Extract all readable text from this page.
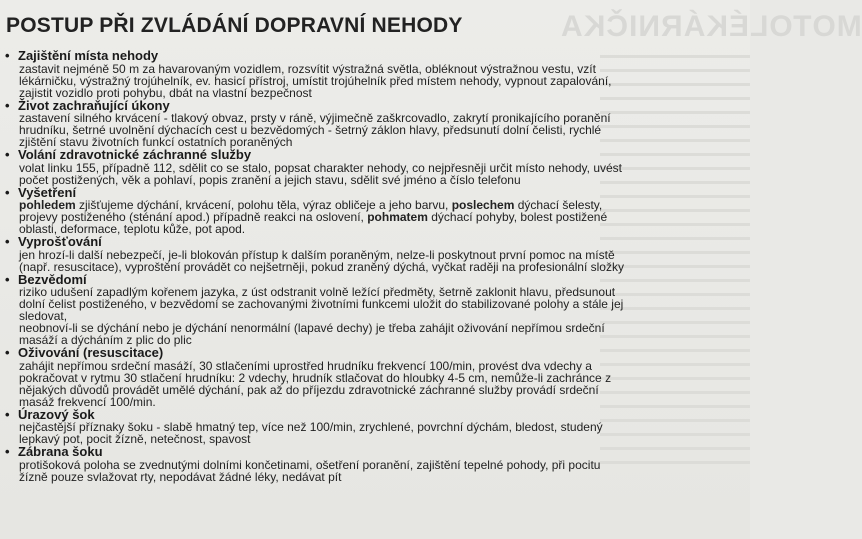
MOTOLÉKÁRNIČKA
POSTUP PŘI ZVLÁDÁNÍ DOPRAVNÍ NEHODY
• Zajištění místa nehody
zastavit nejméně 50 m za havarovaným vozidlem, rozsvítit výstražná světla, obléknout výstražnou vestu, vzít
lékárničku, výstražný trojúhelník, ev. hasicí přístroj, umístit trojúhelník před místem nehody, vypnout zapalování,
zajistit vozidlo proti pohybu, dbát na vlastní bezpečnost
• Život zachraňující úkony
zastavení silného krvácení - tlakový obvaz, prsty v ráně, výjimečně zaškrcovadlo, zakrytí pronikajícího poranění
hrudníku, šetrné uvolnění dýchacích cest u bezvědomých - šetrný záklon hlavy, předsunutí dolní čelisti, rychlé
zjištění stavu životních funkcí ostatních poraněných
• Volání zdravotnické záchranné služby
volat linku 155, případně 112, sdělit co se stalo, popsat charakter nehody, co nejpřesněji určit místo nehody, uvést
počet postižených, věk a pohlaví, popis zranění a jejich stavu, sdělit své jméno a číslo telefonu
• Vyšetření
pohledem zjišťujeme dýchání, krvácení, polohu těla, výraz obličeje a jeho barvu, poslechem dýchací šelesty,
projevy postiženého (sténání apod.) případně reakci na oslovení, pohmatem dýchací pohyby, bolest postižené
oblasti, deformace, teplotu kůže, pot apod.
• Vyprošťování
jen hrozí-li další nebezpečí, je-li blokován přístup k dalším poraněným, nelze-li poskytnout první pomoc na místě
(např. resuscitace), vyproštění provádět co nejšetrněji, pokud zraněný dýchá, vyčkat raději na profesionální složky
• Bezvědomí
riziko udušení zapadlým kořenem jazyka, z úst odstranit volně ležící předměty, šetrně zaklonit hlavu, předsunout
dolní čelist postiženého, v bezvědomí se zachovanými životními funkcemi uložit do stabilizované polohy a stále jej
sledovat,
neobnoví-li se dýchání nebo je dýchání nenormální (lapavé dechy) je třeba zahájit oživování nepřímou srdeční
masáží a dýcháním z plic do plic
• Oživování (resuscitace)
zahájit nepřímou srdeční masáží, 30 stlačeními uprostřed hrudníku frekvencí 100/min, provést dva vdechy a
pokračovat v rytmu 30 stlačení hrudníku: 2 vdechy, hrudník stlačovat do hloubky 4-5 cm, nemůže-li zachránce z
nějakých důvodů provádět umělé dýchání, pak až do příjezdu zdravotnické záchranné služby provádí srdeční
masáž frekvencí 100/min.
• Úrazový šok
nejčastější příznaky šoku - slabě hmatný tep, více než 100/min, zrychlené, povrchní dýchám, bledost, studený
lepkavý pot, pocit žízně, netečnost, spavost
• Zábrana šoku
protišoková poloha se zvednutými dolními končetinami, ošetření poranění, zajištění tepelné pohody, při pocitu
žízně pouze svlažovat rty, nepodávat žádné léky, nedávat pít
